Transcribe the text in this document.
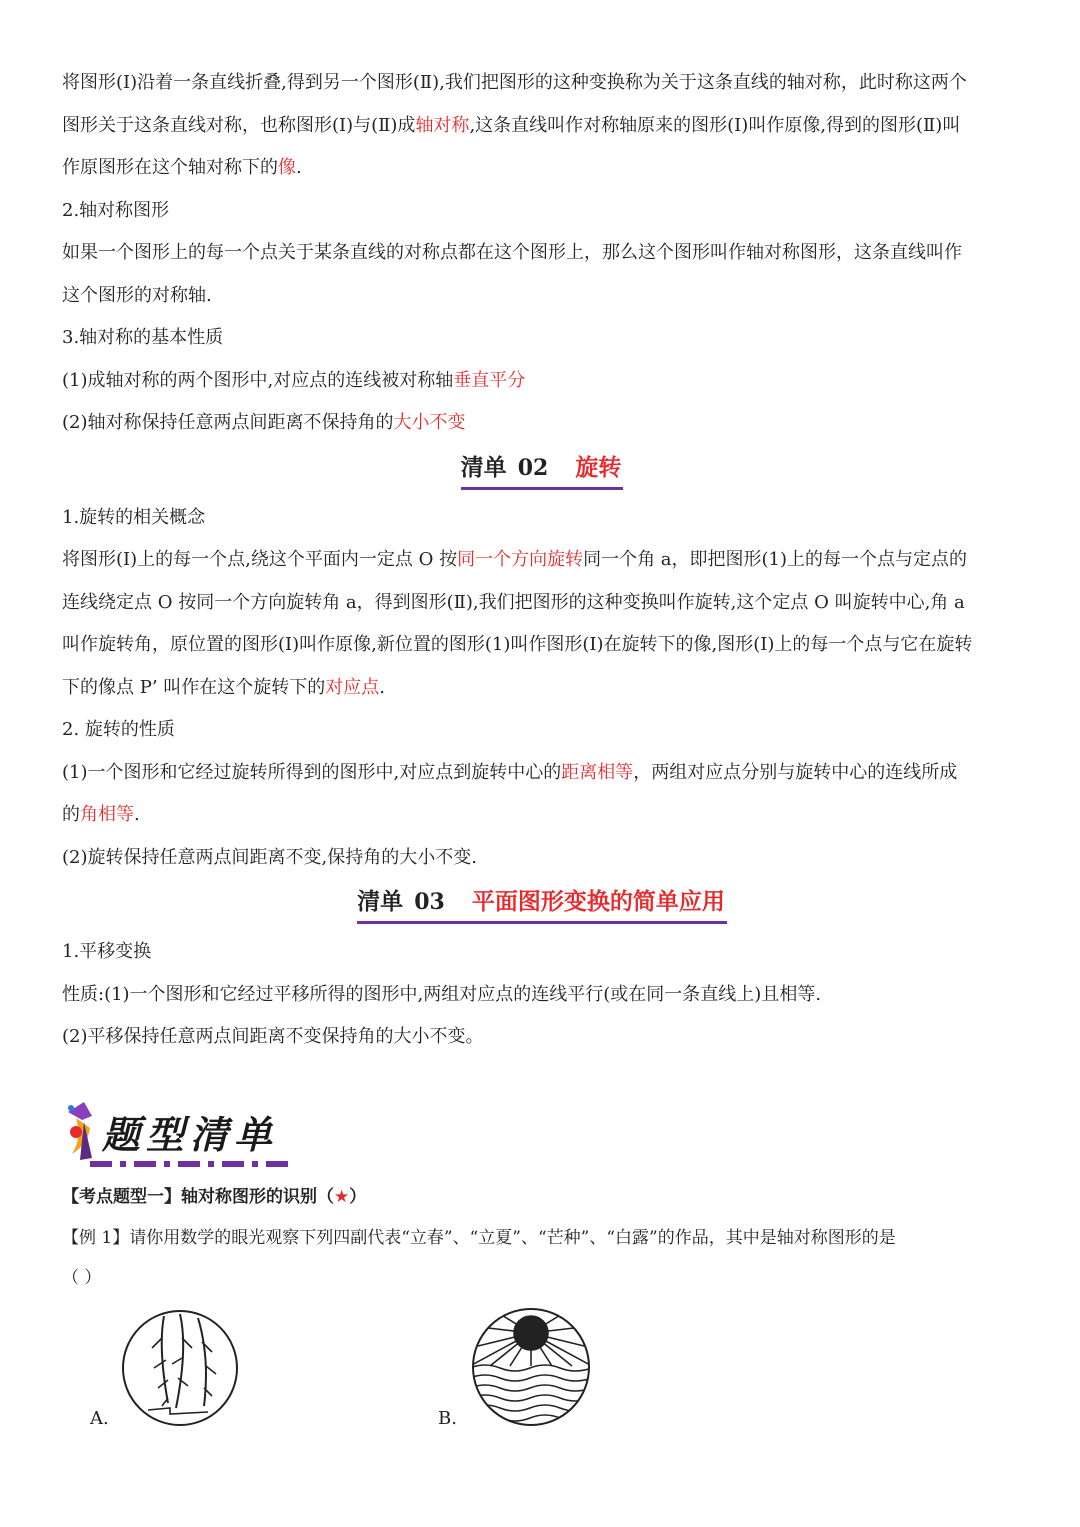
将图形(I)沿着一条直线折叠,得到另一个图形(Ⅱ),我们把图形的这种变换称为关于这条直线的轴对称，此时称这两个

图形关于这条直线对称，也称图形(I)与(Ⅱ)成轴对称,这条直线叫作对称轴原来的图形(I)叫作原像,得到的图形(Ⅱ)叫

作原图形在这个轴对称下的像.

2.轴对称图形

如果一个图形上的每一个点关于某条直线的对称点都在这个图形上，那么这个图形叫作轴对称图形，这条直线叫作

这个图形的对称轴.

3.轴对称的基本性质

(1)成轴对称的两个图形中,对应点的连线被对称轴垂直平分

(2)轴对称保持任意两点间距离不保持角的大小不变

清单 02 旋转

1.旋转的相关概念

将图形(I)上的每一个点,绕这个平面内一定点 O 按同一个方向旋转同一个角 a，即把图形(1)上的每一个点与定点的

连线绕定点 O 按同一个方向旋转角 a，得到图形(Ⅱ),我们把图形的这种变换叫作旋转,这个定点 O 叫旋转中心,角 a

叫作旋转角，原位置的图形(I)叫作原像,新位置的图形(1)叫作图形(I)在旋转下的像,图形(I)上的每一个点与它在旋转

下的像点 P’ 叫作在这个旋转下的对应点.

2. 旋转的性质

(1)一个图形和它经过旋转所得到的图形中,对应点到旋转中心的距离相等，两组对应点分别与旋转中心的连线所成

的角相等.

(2)旋转保持任意两点间距离不变,保持角的大小不变.

清单 03 平面图形变换的简单应用

1.平移变换

性质:(1)一个图形和它经过平移所得的图形中,两组对应点的连线平行(或在同一条直线上)且相等.

(2)平移保持任意两点间距离不变保持角的大小不变。

题型清单
【考点题型一】轴对称图形的识别（★）

【例 1】请你用数学的眼光观察下列四副代表“立春”、“立夏”、“芒种”、“白露”的作品，其中是轴对称图形的是

（ ）

A.	B.
